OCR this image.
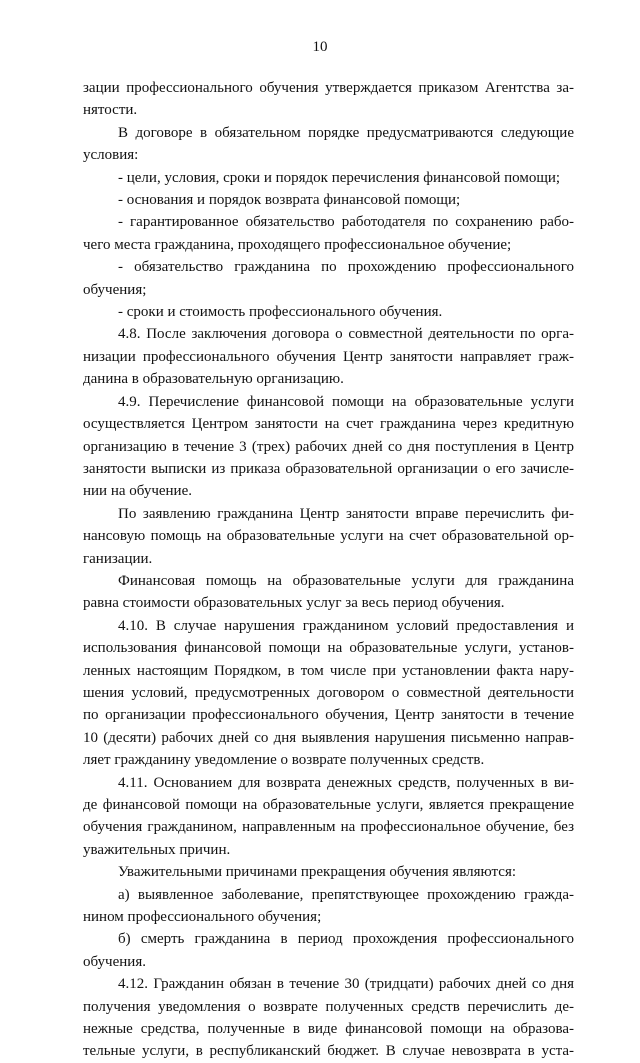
10
зации профессионального обучения утверждается приказом Агентства за-
нятости.
В договоре в обязательном порядке предусматриваются следующие
условия:
- цели, условия, сроки и порядок перечисления финансовой помощи;
- основания и порядок возврата финансовой помощи;
- гарантированное обязательство работодателя по сохранению рабо-
чего места гражданина, проходящего профессиональное обучение;
- обязательство гражданина по прохождению профессионального
обучения;
- сроки и стоимость профессионального обучения.
4.8. После заключения договора о совместной деятельности по орга-
низации профессионального обучения Центр занятости направляет граж-
данина в образовательную организацию.
4.9. Перечисление финансовой помощи на образовательные услуги
осуществляется Центром занятости на счет гражданина через кредитную
организацию в течение 3 (трех) рабочих дней со дня поступления в Центр
занятости выписки из приказа образовательной организации о его зачисле-
нии на обучение.
По заявлению гражданина Центр занятости вправе перечислить фи-
нансовую помощь на образовательные услуги на счет образовательной ор-
ганизации.
Финансовая помощь на образовательные услуги для гражданина
равна стоимости образовательных услуг за весь период обучения.
4.10. В случае нарушения гражданином условий предоставления и
использования финансовой помощи на образовательные услуги, установ-
ленных настоящим Порядком, в том числе при установлении факта нару-
шения условий, предусмотренных договором о совместной деятельности
по организации профессионального обучения, Центр занятости в течение
10 (десяти) рабочих дней со дня выявления нарушения письменно направ-
ляет гражданину уведомление о возврате полученных средств.
4.11. Основанием для возврата денежных средств, полученных в ви-
де финансовой помощи на образовательные услуги, является прекращение
обучения гражданином, направленным на профессиональное обучение, без
уважительных причин.
Уважительными причинами прекращения обучения являются:
а) выявленное заболевание, препятствующее прохождению гражда-
нином профессионального обучения;
б) смерть гражданина в период прохождения профессионального
обучения.
4.12. Гражданин обязан в течение 30 (тридцати) рабочих дней со дня
получения уведомления о возврате полученных средств перечислить де-
нежные средства, полученные в виде финансовой помощи на образова-
тельные услуги, в республиканский бюджет. В случае невозврата в уста-
